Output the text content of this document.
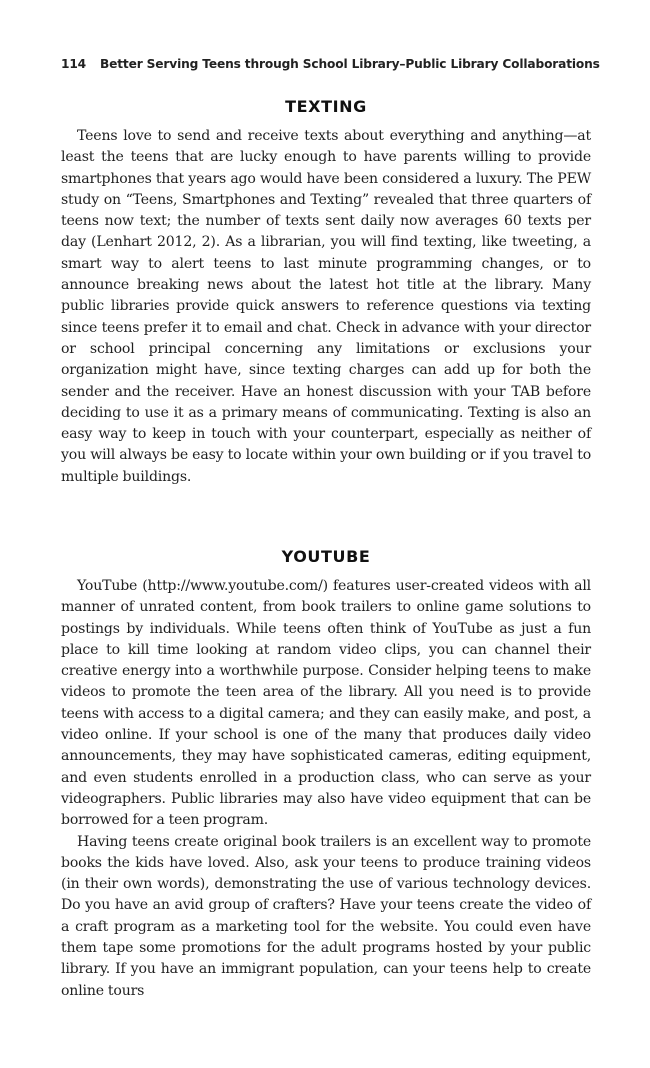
114 Better Serving Teens through School Library–Public Library Collaborations
TEXTING

Teens love to send and receive texts about everything and anything—at least the teens that are lucky enough to have parents willing to provide smartphones that years ago would have been considered a luxury. The PEW study on “Teens, Smartphones and Texting” revealed that three quarters of teens now text; the number of texts sent daily now averages 60 texts per day (Lenhart 2012, 2). As a librarian, you will find texting, like tweeting, a smart way to alert teens to last minute programming changes, or to announce breaking news about the latest hot title at the library. Many public libraries provide quick answers to reference questions via texting since teens prefer it to email and chat. Check in advance with your director or school principal concerning any limitations or exclusions your organization might have, since texting charges can add up for both the sender and the receiver. Have an honest discussion with your TAB before deciding to use it as a primary means of communicating. Texting is also an easy way to keep in touch with your counterpart, especially as neither of you will always be easy to locate within your own building or if you travel to multiple buildings.

YOUTUBE

YouTube (http://www.youtube.com/) features user-created videos with all manner of unrated content, from book trailers to online game solutions to postings by individuals. While teens often think of YouTube as just a fun place to kill time looking at random video clips, you can channel their creative energy into a worthwhile purpose. Consider helping teens to make videos to promote the teen area of the library. All you need is to provide teens with access to a digital camera; and they can easily make, and post, a video online. If your school is one of the many that produces daily video announcements, they may have sophisticated cameras, editing equipment, and even students enrolled in a production class, who can serve as your videographers. Public libraries may also have video equipment that can be borrowed for a teen program.

Having teens create original book trailers is an excellent way to promote books the kids have loved. Also, ask your teens to produce training videos (in their own words), demonstrating the use of various technology devices. Do you have an avid group of crafters? Have your teens create the video of a craft program as a marketing tool for the website. You could even have them tape some promotions for the adult programs hosted by your public library. If you have an immigrant population, can your teens help to create online tours
